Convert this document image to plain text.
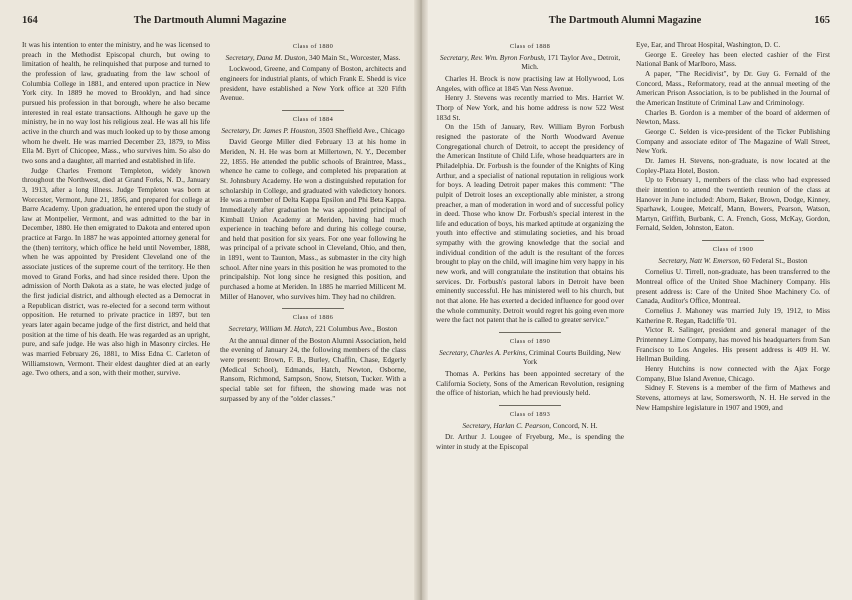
164	The Dartmouth Alumni Magazine

It was his intention to enter the ministry, and he was licensed to preach in the Methodist Episcopal church, but owing to limitation of health, he relinquished that purpose and turned to the profession of law, graduating from the law school of Columbia College in 1881, and entered upon practice in New York city. In 1889 he moved to Brooklyn, and had since pursued his profession in that borough, where he also became interested in real estate transactions. Although he gave up the ministry, he in no way lost his religious zeal. He was all his life active in the church and was much looked up to by those among whom he dwelt. He was married December 23, 1879, to Miss Ella M. Byrt of Chicopee, Mass., who survives him. So also do two sons and a daughter, all married and established in life.

Judge Charles Fremont Templeton, widely known throughout the Northwest, died at Grand Forks, N. D., January 3, 1913, after a long illness. Judge Templeton was born at Worcester, Vermont, June 21, 1856, and prepared for college at Barre Academy. Upon graduation, he entered upon the study of law at Montpelier, Vermont, and was admitted to the bar in December, 1880. He then emigrated to Dakota and entered upon practice at Fargo. In 1887 he was appointed attorney general for the (then) territory, which office he held until November, 1888, when he was appointed by President Cleveland one of the associate justices of the supreme court of the territory. He then moved to Grand Forks, and had since resided there. Upon the admission of North Dakota as a state, he was elected judge of the first judicial district, and although elected as a Democrat in a Republican district, was re-elected for a second term without opposition. He returned to private practice in 1897, but ten years later again became judge of the first district, and held that position at the time of his death. He was regarded as an upright, pure, and safe judge. He was also high in Masonry circles. He was married February 26, 1881, to Miss Edna C. Carleton of Williamstown, Vermont. Their eldest daughter died at an early age. Two others, and a son, with their mother, survive.

Class of 1880
Secretary, Dana M. Duston, 340 Main St., Worcester, Mass.

Lockwood, Greene, and Company of Boston, architects and engineers for industrial plants, of which Frank E. Shedd is vice president, have established a New York office at 320 Fifth Avenue.

Class of 1884
Secretary, Dr. James P. Houston, 3503 Sheffield Ave., Chicago

David George Miller died February 13 at his home in Meriden, N. H. He was born at Millertown, N. Y., December 22, 1855. He attended the public schools of Braintree, Mass., whence he came to college, and completed his preparation at St. Johnsbury Academy. He won a distinguished reputation for scholarship in College, and graduated with valedictory honors. He was a member of Delta Kappa Epsilon and Phi Beta Kappa. Immediately after graduation he was appointed principal of Kimball Union Academy at Meriden, having had much experience in teaching before and during his college course, and held that position for six years. For one year following he was principal of a private school in Cleveland, Ohio, and then, in 1891, went to Taunton, Mass., as submaster in the city high school. After nine years in this position he was promoted to the principalship. Not long since he resigned this position, and purchased a home at Meriden. In 1885 he married Millicent M. Miller of Hanover, who survives him. They had no children.

Class of 1886
Secretary, William M. Hatch, 221 Columbus Ave., Boston

At the annual dinner of the Boston Alumni Association, held the evening of January 24, the following members of the class were present: Brown, F. B., Burley, Chaffin, Chase, Edgerly (Medical School), Edmands, Hatch, Newton, Osborne, Ransom, Richmond, Sampson, Snow, Stetson, Tucker. With a special table set for fifteen, the showing made was not surpassed by any of the "older classes."

The Dartmouth Alumni Magazine	165
Class of 1888
Secretary, Rev. Wm. Byron Forbush, 171 Taylor Ave., Detroit, Mich.

Charles H. Brock is now practising law at Hollywood, Los Angeles, with office at 1845 Van Ness Avenue.

Henry J. Stevens was recently married to Mrs. Harriet W. Thorp of New York, and his home address is now 522 West 183d St.

On the 15th of January, Rev. William Byron Forbush resigned the pastorate of the North Woodward Avenue Congregational church of Detroit, to accept the presidency of the American Institute of Child Life, whose headquarters are in Philadelphia. Dr. Forbush is the founder of the Knights of King Arthur, and a specialist of national reputation in religious work for boys. A leading Detroit paper makes this comment: "The pulpit of Detroit loses an exceptionally able minister, a strong preacher, a man of moderation in word and of successful policy in deed. Those who know Dr. Forbush's special interest in the life and education of boys, his marked aptitude at organizing the youth into effective and stimulating societies, and his broad sympathy with the growing knowledge that the social and individual condition of the adult is the resultant of the forces brought to play on the child, will imagine him very happy in his new work, and will congratulate the institution that obtains his services. Dr. Forbush's pastoral labors in Detroit have been eminently successful. He has ministered well to his church, but not that alone. He has exerted a decided influence for good over the whole community. Detroit would regret his going even more were the fact not patent that he is called to greater service."

Class of 1890
Secretary, Charles A. Perkins, Criminal Courts Building, New York

Thomas A. Perkins has been appointed secretary of the California Society, Sons of the American Revolution, resigning the office of historian, which he had previously held.

Class of 1893
Secretary, Harlan C. Pearson, Concord, N. H.

Dr. Arthur J. Lougee of Fryeburg, Me., is spending the winter in study at the Episcopal

Eye, Ear, and Throat Hospital, Washington, D. C.

George E. Greeley has been elected cashier of the First National Bank of Marlboro, Mass.

A paper, "The Recidivist", by Dr. Guy G. Fernald of the Concord, Mass., Reformatory, read at the annual meeting of the American Prison Association, is to be published in the Journal of the American Institute of Criminal Law and Criminology.

Charles B. Gordon is a member of the board of aldermen of Newton, Mass.

George C. Selden is vice-president of the Ticker Publishing Company and associate editor of The Magazine of Wall Street, New York.

Dr. James H. Stevens, non-graduate, is now located at the Copley-Plaza Hotel, Boston.

Up to February 1, members of the class who had expressed their intention to attend the twentieth reunion of the class at Hanover in June included: Aborn, Baker, Brown, Dodge, Kinney, Sparhawk, Lougee, Metcalf, Mann, Bowers, Pearson, Watson, Martyn, Griffith, Burbank, C. A. French, Goss, McKay, Gordon, Fernald, Selden, Johnston, Eaton.

Class of 1900
Secretary, Natt W. Emerson, 60 Federal St., Boston

Cornelius U. Tirrell, non-graduate, has been transferred to the Montreal office of the United Shoe Machinery Company. His present address is: Care of the United Shoe Machinery Co. of Canada, Auditor's Office, Montreal.

Cornelius J. Mahoney was married July 19, 1912, to Miss Katherine R. Regan, Radcliffe '01.

Victor R. Salinger, president and general manager of the Printenney Lime Company, has moved his headquarters from San Francisco to Los Angeles. His present address is 409 H. W. Hellman Building.

Henry Hutchins is now connected with the Ajax Forge Company, Blue Island Avenue, Chicago.

Sidney F. Stevens is a member of the firm of Mathews and Stevens, attorneys at law, Somersworth, N. H. He served in the New Hampshire legislature in 1907 and 1909, and
